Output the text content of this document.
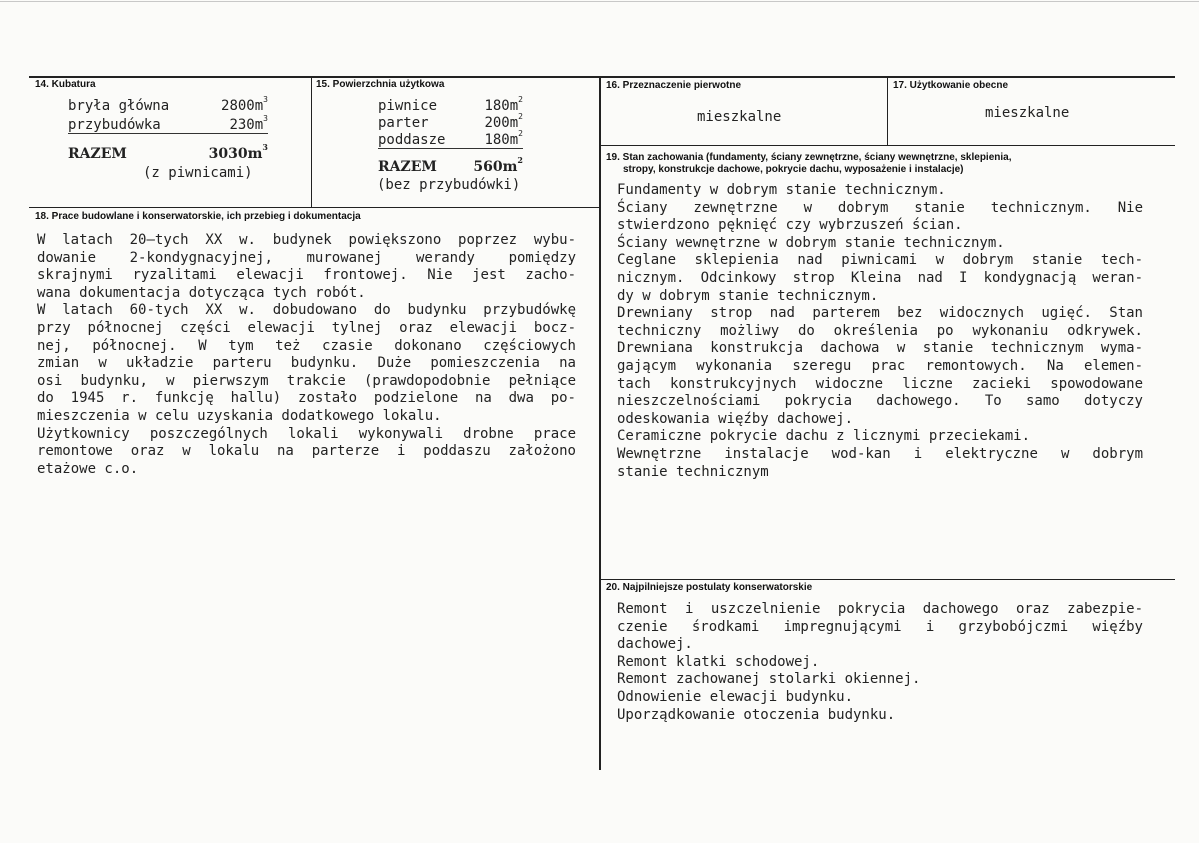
14. Kubatura
bryła główna	$2800m^3$
przybudówka	$230m^3$
RAZEM	$3030m^3$
(z piwnicami)
15. Powierzchnia użytkowa
piwnice	$180m^2$
parter	$200m^2$
poddasze	$180m^2$
RAZEM	$560m^2$
(bez przybudówki)
16. Przeznaczenie pierwotne
mieszkalne
17. Użytkowanie obecne
mieszkalne
19. Stan zachowania (fundamenty, ściany zewnętrzne, ściany wewnętrzne, sklepienia,
stropy, konstrukcje dachowe, pokrycie dachu, wyposażenie i instalacje)
Fundamenty w dobrym stanie technicznym.
Ściany zewnętrzne w dobrym stanie technicznym. Nie
stwierdzono pęknięć czy wybrzuszeń ścian.
Ściany wewnętrzne w dobrym stanie technicznym.
Ceglane sklepienia nad piwnicami w dobrym stanie tech-
nicznym. Odcinkowy strop Kleina nad I kondygnacją weran-
dy w dobrym stanie technicznym.
Drewniany strop nad parterem bez widocznych ugięć. Stan
techniczny możliwy do określenia po wykonaniu odkrywek.
Drewniana konstrukcja dachowa w stanie technicznym wyma-
gającym wykonania szeregu prac remontowych. Na elemen-
tach konstrukcyjnych widoczne liczne zacieki spowodowane
nieszczelnościami pokrycia dachowego. To samo dotyczy
odeskowania więźby dachowej.
Ceramiczne pokrycie dachu z licznymi przeciekami.
Wewnętrzne instalacje wod-kan i elektryczne w dobrym
stanie technicznym
18. Prace budowlane i konserwatorskie, ich przebieg i dokumentacja
W latach 20–tych XX w. budynek powiększono poprzez wybu-
dowanie 2-kondygnacyjnej, murowanej werandy pomiędzy
skrajnymi ryzalitami elewacji frontowej. Nie jest zacho-
wana dokumentacja dotycząca tych robót.
W latach 60-tych XX w. dobudowano do budynku przybudówkę
przy północnej części elewacji tylnej oraz elewacji bocz-
nej, północnej. W tym też czasie dokonano częściowych
zmian w układzie parteru budynku. Duże pomieszczenia na
osi budynku, w pierwszym trakcie (prawdopodobnie pełniące
do 1945 r. funkcję hallu) zostało podzielone na dwa po-
mieszczenia w celu uzyskania dodatkowego lokalu.
Użytkownicy poszczególnych lokali wykonywali drobne prace
remontowe oraz w lokalu na parterze i poddaszu założono
etażowe c.o.
20. Najpilniejsze postulaty konserwatorskie
Remont i uszczelnienie pokrycia dachowego oraz zabezpie-
czenie środkami impregnującymi i grzybobójczmi więźby
dachowej.
Remont klatki schodowej.
Remont zachowanej stolarki okiennej.
Odnowienie elewacji budynku.
Uporządkowanie otoczenia budynku.
